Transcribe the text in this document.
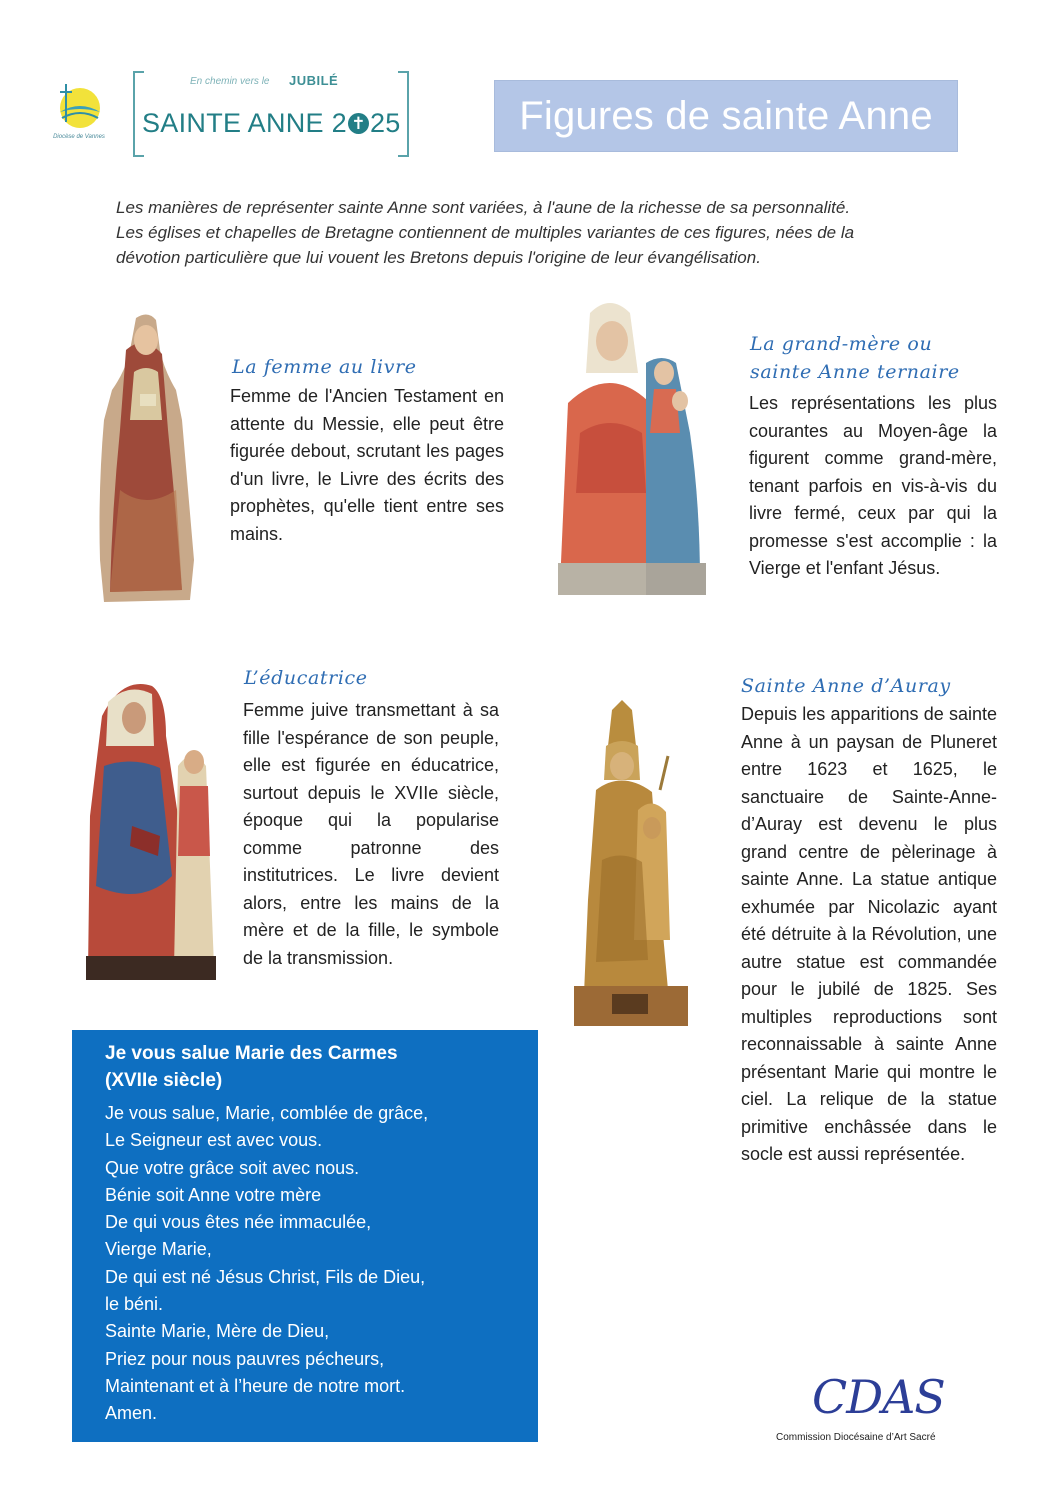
Diocèse de Vannes
En chemin vers le JUBILÉ
SAINTE ANNE 2 ✝ 25	Figures de sainte Anne

Les manières de représenter sainte Anne sont variées, à l'aune de la richesse de sa personnalité.

Les églises et chapelles de Bretagne contiennent de multiples variantes de ces figures, nées de la

dévotion particulière que lui vouent les Bretons depuis l'origine de leur évangélisation.

La femme au livre
Femme de l'Ancien Testament en attente du Messie, elle peut être figurée debout, scrutant les pages d'un livre, le Livre des écrits des prophètes, qu'elle tient entre ses mains.
La grand-mère ou
sainte Anne ternaire
Les représentations les plus courantes au Moyen-âge la figurent comme grand-mère, tenant parfois en vis-à-vis du livre fermé, ceux par qui la promesse s'est accomplie : la Vierge et l'enfant Jésus.
L’éducatrice
Femme juive transmettant à sa fille l'espérance de son peuple, elle est figurée en éducatrice, surtout depuis le XVIIe siècle, époque qui la popularise comme patronne des institutrices. Le livre devient alors, entre les mains de la mère et de la fille, le symbole de la transmission.
Sainte Anne d’Auray
Depuis les apparitions de sainte Anne à un paysan de Pluneret entre 1623 et 1625, le sanctuaire de Sainte-Anne-d’Auray est devenu le plus grand centre de pèlerinage à sainte Anne. La statue antique exhumée par Nicolazic ayant été détruite à la Révolution, une autre statue est commandée pour le jubilé de 1825. Ses multiples reproductions sont reconnaissable à sainte Anne présentant Marie qui montre le ciel. La relique de la statue primitive enchâssée dans le socle est aussi représentée.
Je vous salue Marie des Carmes
(XVIIe siècle)
Je vous salue, Marie, comblée de grâce,
Le Seigneur est avec vous.
Que votre grâce soit avec nous.
Bénie soit Anne votre mère
De qui vous êtes née immaculée,
Vierge Marie,
De qui est né Jésus Christ, Fils de Dieu,
le béni.
Sainte Marie, Mère de Dieu,
Priez pour nous pauvres pécheurs,
Maintenant et à l’heure de notre mort.
Amen.	CDAS
Commission Diocésaine d’Art Sacré
